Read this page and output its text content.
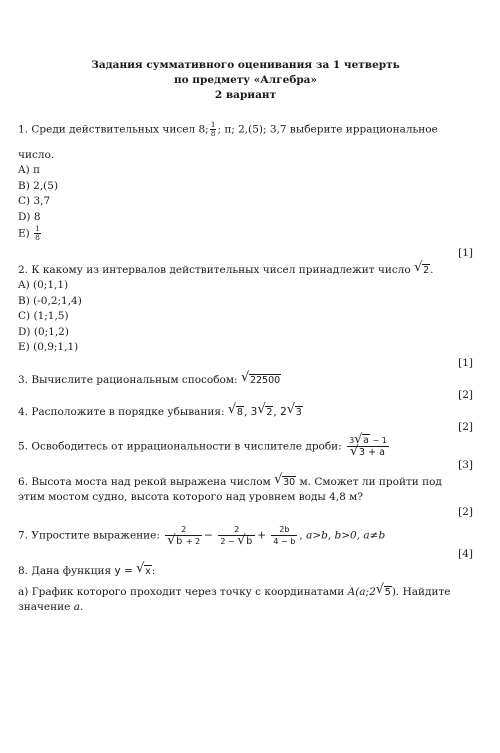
Задания суммативного оценивания за 1 четверть
по предмету «Алгебра»
2 вариант
1. Среди действительных чисел 8; $\frac{1}{8}$ ; π; 2,(5); 3,7 выберите иррациональное
число.
A) π
B) 2,(5)
C) 3,7
D) 8
$E) \frac{1}{8}$
[1]
2. К какому из интервалов действительных чисел принадлежит число √ 2.
A) (0;1,1)
B) (-0,2;1,4)
C) (1;1,5)
D) (0;1,2)
E) (0,9;1,1)
[1]
3. Вычислите рациональным способом: √ 22500
[2]
4. Расположите в порядке убывания: √ 8, 3 √ 2, 2 √ 3
[2]
5. Освободитесь от иррациональности в числителе дроби: $\frac{3 √ a - 1}{√ 3 + a}$
[3]
6. Высота моста над рекой выражена числом √ 30 м. Сможет ли пройти под
этим мостом судно, высота которого над уровнем воды 4,8 м?
[2]
7. Упростите выражение: $\frac{2}{√ b + 2} - \frac{2}{2 - √ b} + \frac{2b}{4 - b}$ , a>b, b>0, a≠b
[4]
8. Дана функция y = √ x:
а) График которого проходит через точку с координатами A(a;2 √ 5). Найдите
значение a.
